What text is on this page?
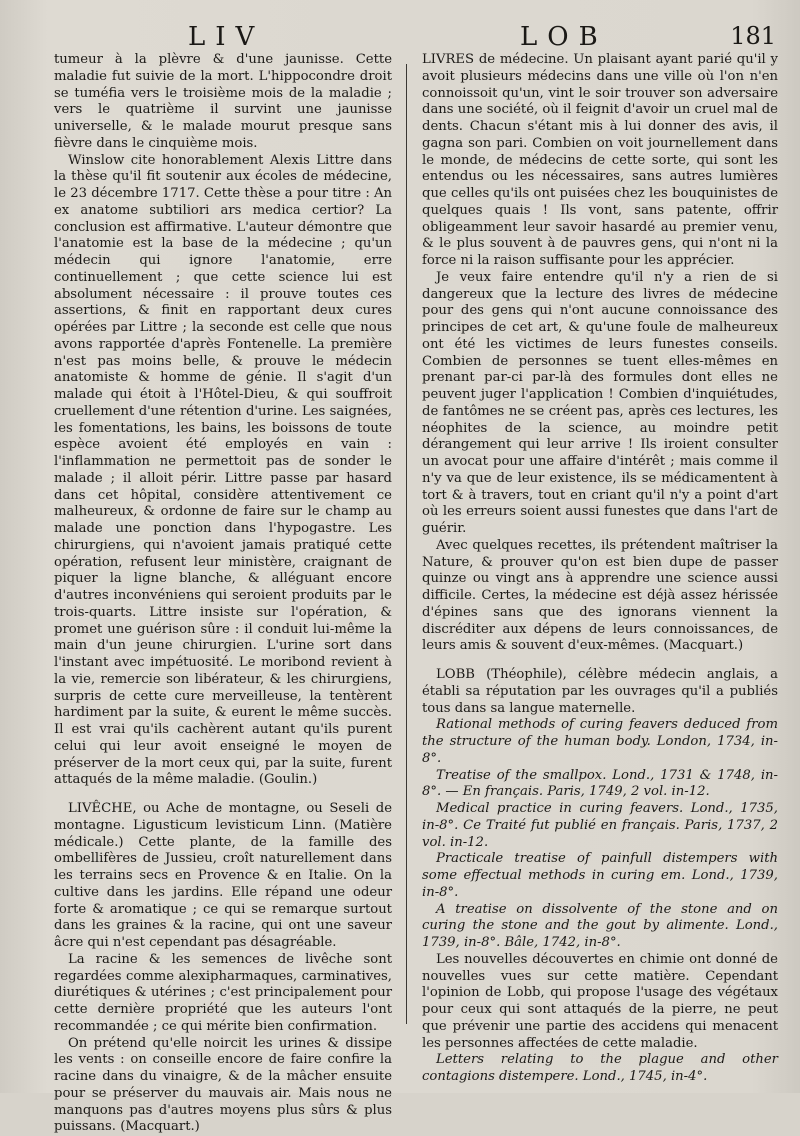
LIV	LOB	181

tumeur à la plèvre & d'une jaunisse. Cette maladie fut suivie de la mort. L'hippocondre droit se tuméfia vers le troisième mois de la maladie ; vers le quatrième il survint une jaunisse universelle, & le malade mourut presque sans fièvre dans le cinquième mois.

Winslow cite honorablement Alexis Littre dans la thèse qu'il fit soutenir aux écoles de médecine, le 23 décembre 1717. Cette thèse a pour titre : An ex anatome subtiliori ars medica certior? La conclusion est affirmative. L'auteur démontre que l'anatomie est la base de la médecine ; qu'un médecin qui ignore l'anatomie, erre continuellement ; que cette science lui est absolument nécessaire : il prouve toutes ces assertions, & finit en rapportant deux cures opérées par Littre ; la seconde est celle que nous avons rapportée d'après Fontenelle. La première n'est pas moins belle, & prouve le médecin anatomiste & homme de génie. Il s'agit d'un malade qui étoit à l'Hôtel-Dieu, & qui souffroit cruellement d'une rétention d'urine. Les saignées, les fomentations, les bains, les boissons de toute espèce avoient été employés en vain : l'inflammation ne permettoit pas de sonder le malade ; il alloit périr. Littre passe par hasard dans cet hôpital, considère attentivement ce malheureux, & ordonne de faire sur le champ au malade une ponction dans l'hypogastre. Les chirurgiens, qui n'avoient jamais pratiqué cette opération, refusent leur ministère, craignant de piquer la ligne blanche, & alléguant encore d'autres inconvéniens qui seroient produits par le trois-quarts. Littre insiste sur l'opération, & promet une guérison sûre : il conduit lui-même la main d'un jeune chirurgien. L'urine sort dans l'instant avec impétuosité. Le moribond revient à la vie, remercie son libérateur, & les chirurgiens, surpris de cette cure merveilleuse, la tentèrent hardiment par la suite, & eurent le même succès. Il est vrai qu'ils cachèrent autant qu'ils purent celui qui leur avoit enseigné le moyen de préserver de la mort ceux qui, par la suite, furent attaqués de la même maladie. (Goulin.)

LIVÊCHE, ou Ache de montagne, ou Seseli de montagne. Ligusticum levisticum Linn. (Matière médicale.) Cette plante, de la famille des ombellifères de Jussieu, croît naturellement dans les terrains secs en Provence & en Italie. On la cultive dans les jardins. Elle répand une odeur forte & aromatique ; ce qui se remarque surtout dans les graines & la racine, qui ont une saveur âcre qui n'est cependant pas désagréable.

La racine & les semences de livêche sont regardées comme alexipharmaques, carminatives, diurétiques & utérines ; c'est principalement pour cette dernière propriété que les auteurs l'ont recommandée ; ce qui mérite bien confirmation.

On prétend qu'elle noircit les urines & dissipe les vents : on conseille encore de faire confire la racine dans du vinaigre, & de la mâcher ensuite pour se préserver du mauvais air. Mais nous ne manquons pas d'autres moyens plus sûrs & plus puissans. (Macquart.)

LIVRES de médecine. Un plaisant ayant parié qu'il y avoit plusieurs médecins dans une ville où l'on n'en connoissoit qu'un, vint le soir trouver son adversaire dans une société, où il feignit d'avoir un cruel mal de dents. Chacun s'étant mis à lui donner des avis, il gagna son pari. Combien on voit journellement dans le monde, de médecins de cette sorte, qui sont les entendus ou les nécessaires, sans autres lumières que celles qu'ils ont puisées chez les bouquinistes de quelques quais ! Ils vont, sans patente, offrir obligeamment leur savoir hasardé au premier venu, & le plus souvent à de pauvres gens, qui n'ont ni la force ni la raison suffisante pour les apprécier.

Je veux faire entendre qu'il n'y a rien de si dangereux que la lecture des livres de médecine pour des gens qui n'ont aucune connoissance des principes de cet art, & qu'une foule de malheureux ont été les victimes de leurs funestes conseils. Combien de personnes se tuent elles-mêmes en prenant par-ci par-là des formules dont elles ne peuvent juger l'application ! Combien d'inquiétudes, de fantômes ne se créent pas, après ces lectures, les néophites de la science, au moindre petit dérangement qui leur arrive ! Ils iroient consulter un avocat pour une affaire d'intérêt ; mais comme il n'y va que de leur existence, ils se médicamentent à tort & à travers, tout en criant qu'il n'y a point d'art où les erreurs soient aussi funestes que dans l'art de guérir.

Avec quelques recettes, ils prétendent maîtriser la Nature, & prouver qu'on est bien dupe de passer quinze ou vingt ans à apprendre une science aussi difficile. Certes, la médecine est déjà assez hérissée d'épines sans que des ignorans viennent la discréditer aux dépens de leurs connoissances, de leurs amis & souvent d'eux-mêmes. (Macquart.)

LOBB (Théophile), célèbre médecin anglais, a établi sa réputation par les ouvrages qu'il a publiés tous dans sa langue maternelle.

Rational methods of curing feavers deduced from the structure of the human body. London, 1734, in-8°.

Treatise of the smallpox. Lond., 1731 & 1748, in-8°. — En français. Paris, 1749, 2 vol. in-12.

Medical practice in curing feavers. Lond., 1735, in-8°. Ce Traité fut publié en français. Paris, 1737, 2 vol. in-12.

Practicale treatise of painfull distempers with some effectual methods in curing em. Lond., 1739, in-8°.

A treatise on dissolvente of the stone and on curing the stone and the gout by alimente. Lond., 1739, in-8°. Bâle, 1742, in-8°.

Les nouvelles découvertes en chimie ont donné de nouvelles vues sur cette matière. Cependant l'opinion de Lobb, qui propose l'usage des végétaux pour ceux qui sont attaqués de la pierre, ne peut que prévenir une partie des accidens qui menacent les personnes affectées de cette maladie.

Letters relating to the plague and other contagions distempere. Lond., 1745, in-4°.
